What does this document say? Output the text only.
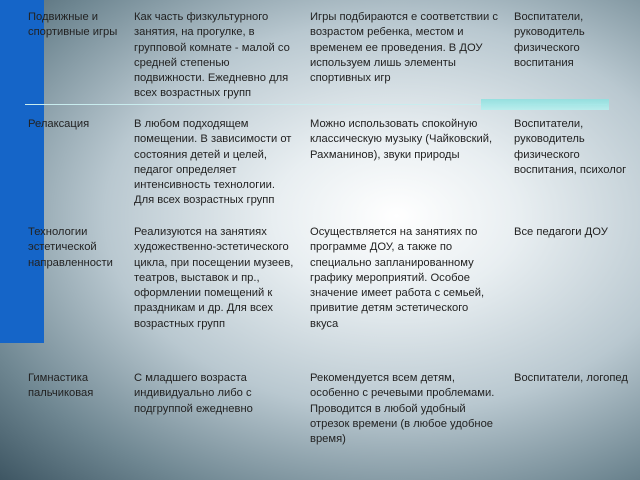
Подвижные и спортивные игры	Как часть физкультурного занятия, на прогулке, в групповой комнате - малой со средней степенью подвижности. Ежедневно для всех возрастных групп	Игры подбираются е соответствии с возрастом ребенка, местом и временем ее проведения. В ДОУ используем лишь элементы спортивных игр	Воспитатели, руководитель физического воспитания
Релаксация	В любом подходящем помещении. В зависимости от состояния детей и целей, педагог определяет интенсивность технологии. Для всех возрастных групп	Можно использовать спокойную классическую музыку (Чайковский, Рахманинов), звуки природы	Воспитатели, руководитель физического воспитания, психолог
Технологии эстетической направленности	Реализуются на занятиях художественно-эстетического цикла, при посещении музеев, театров, выставок и пр., оформлении помещений к праздникам и др. Для всех возрастных групп	Осуществляется на занятиях по программе ДОУ, а также по специально запланированному графику мероприятий. Особое значение имеет работа с семьей, привитие детям эстетического вкуса	Все педагоги ДОУ
Гимнастика пальчиковая	С младшего возраста индивидуально либо с подгруппой ежедневно	Рекомендуется всем детям, особенно с речевыми проблемами. Проводится в любой удобный отрезок времени (в любое удобное время)	Воспитатели, логопед
